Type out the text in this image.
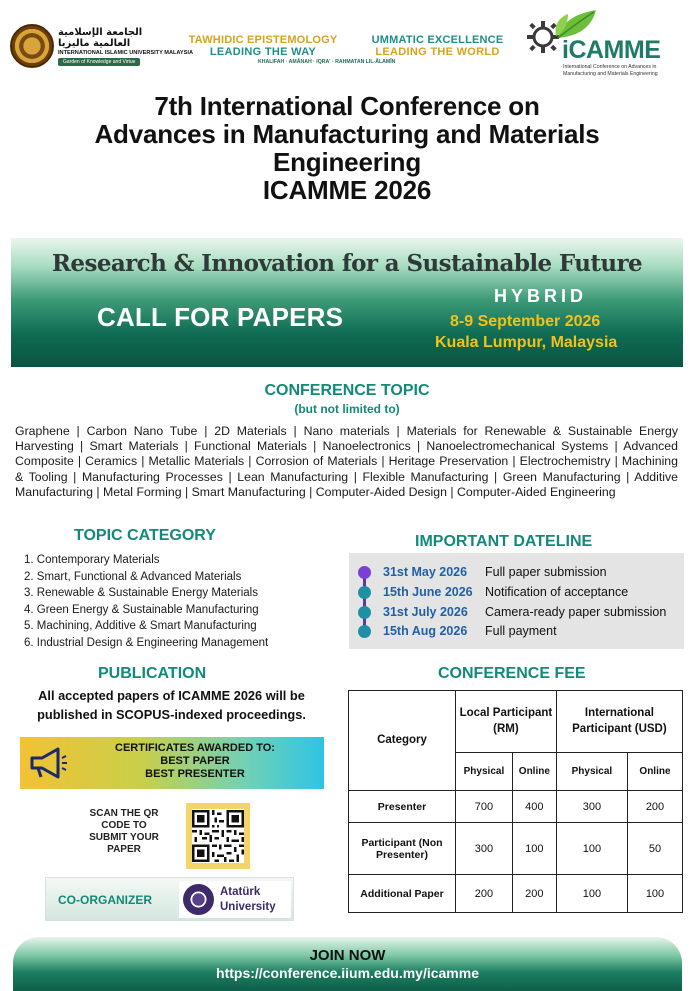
الجامعة الإسلامية العالمية ماليزيا
INTERNATIONAL ISLAMIC UNIVERSITY MALAYSIA
Garden of Knowledge and Virtue
TAWHIDIC EPISTEMOLOGY
LEADING THE WAY
UMMATIC EXCELLENCE
LEADING THE WORLD
KHALIFAH · AMĀNAH · IQRA' · RAHMATAN LIL-ĀLAMĪN	iCAMME
International Conference on Advances in Manufacturing and Materials Engineering
7th International Conference on
Advances in Manufacturing and Materials
Engineering
ICAMME 2026
Research & Innovation for a Sustainable Future
CALL FOR PAPERS
HYBRID
8-9 September 2026
Kuala Lumpur, Malaysia
CONFERENCE TOPIC
(but not limited to)
Graphene | Carbon Nano Tube | 2D Materials | Nano materials | Materials for Renewable & Sustainable Energy Harvesting | Smart Materials | Functional Materials | Nanoelectronics | Nanoelectromechanical Systems | Advanced Composite | Ceramics | Metallic Materials | Corrosion of Materials | Heritage Preservation | Electrochemistry | Machining & Tooling | Manufacturing Processes | Lean Manufacturing | Flexible Manufacturing | Green Manufacturing | Additive Manufacturing | Metal Forming | Smart Manufacturing | Computer-Aided Design | Computer-Aided Engineering
TOPIC CATEGORY
1. Contemporary Materials
2. Smart, Functional & Advanced Materials
3. Renewable & Sustainable Energy Materials
4. Green Energy & Sustainable Manufacturing
5. Machining, Additive & Smart Manufacturing
6. Industrial Design & Engineering Management
IMPORTANT DATELINE
31st May 2026 Full paper submission
15th June 2026 Notification of acceptance
31st July 2026 Camera-ready paper submission
15th Aug 2026 Full payment
PUBLICATION
All accepted papers of ICAMME 2026 will be published in SCOPUS-indexed proceedings.
CERTIFICATES AWARDED TO:
BEST PAPER
BEST PRESENTER
SCAN THE QR CODE TO SUBMIT YOUR PAPER
CO-ORGANIZER
Atatürk
University
CONFERENCE FEE
Category	Local Participant (RM)		International Participant (USD)	
	Physical	Online	Physical	Online
Presenter	700	400	300	200
Participant (Non Presenter)	300	100	100	50
Additional Paper	200	200	100	100
JOIN NOW
https://conference.iium.edu.my/icamme
